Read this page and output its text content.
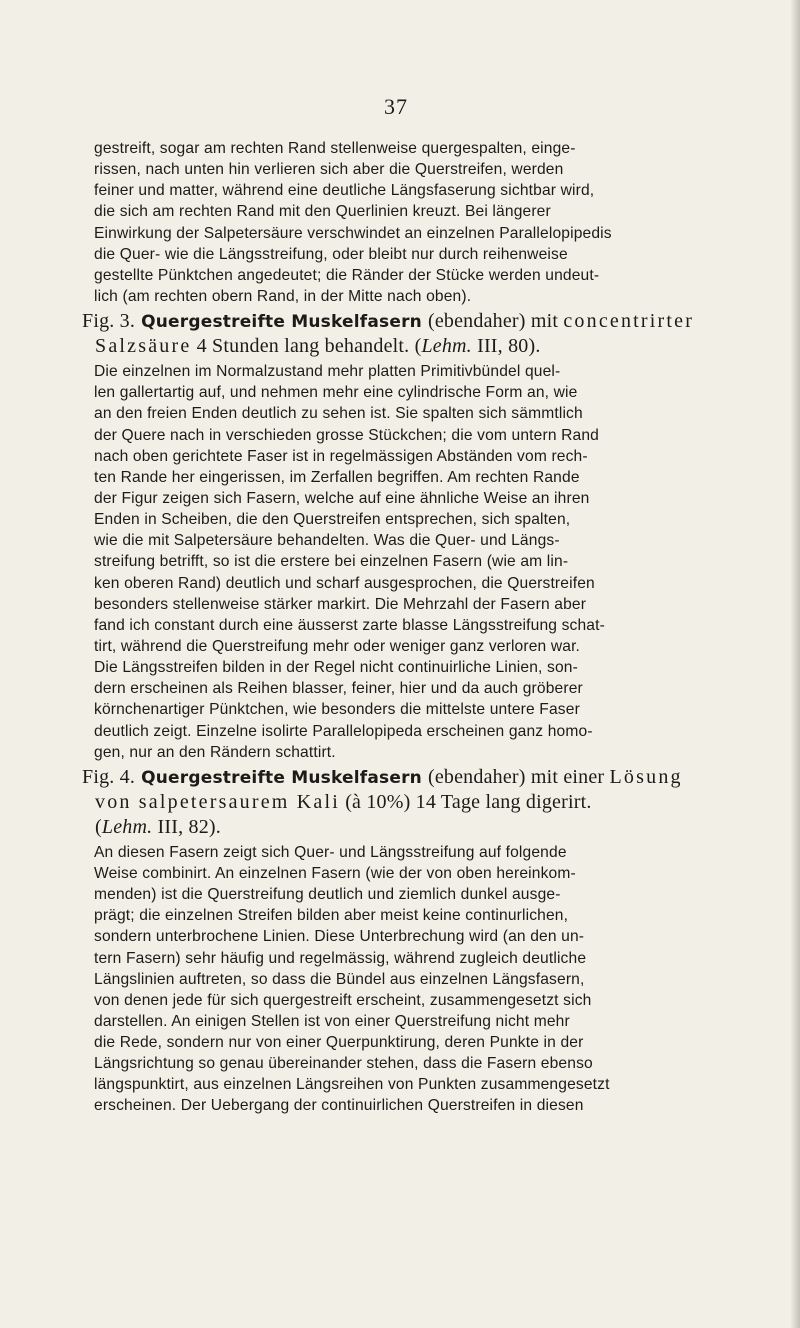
37
gestreift, sogar am rechten Rand stellenweise quergespalten, einge-
rissen, nach unten hin verlieren sich aber die Querstreifen, werden
feiner und matter, während eine deutliche Längsfaserung sichtbar wird,
die sich am rechten Rand mit den Querlinien kreuzt. Bei längerer
Einwirkung der Salpetersäure verschwindet an einzelnen Parallelopipedis
die Quer- wie die Längsstreifung, oder bleibt nur durch reihenweise
gestellte Pünktchen angedeutet; die Ränder der Stücke werden undeut-
lich (am rechten obern Rand, in der Mitte nach oben).
Fig. 3. Quergestreifte Muskelfasern (ebendaher) mit concentrirter
Salzsäure 4 Stunden lang behandelt. (Lehm. III, 80).
Die einzelnen im Normalzustand mehr platten Primitivbündel quel-
len gallertartig auf, und nehmen mehr eine cylindrische Form an, wie
an den freien Enden deutlich zu sehen ist. Sie spalten sich sämmtlich
der Quere nach in verschieden grosse Stückchen; die vom untern Rand
nach oben gerichtete Faser ist in regelmässigen Abständen vom rech-
ten Rande her eingerissen, im Zerfallen begriffen. Am rechten Rande
der Figur zeigen sich Fasern, welche auf eine ähnliche Weise an ihren
Enden in Scheiben, die den Querstreifen entsprechen, sich spalten,
wie die mit Salpetersäure behandelten. Was die Quer- und Längs-
streifung betrifft, so ist die erstere bei einzelnen Fasern (wie am lin-
ken oberen Rand) deutlich und scharf ausgesprochen, die Querstreifen
besonders stellenweise stärker markirt. Die Mehrzahl der Fasern aber
fand ich constant durch eine äusserst zarte blasse Längsstreifung schat-
tirt, während die Querstreifung mehr oder weniger ganz verloren war.
Die Längsstreifen bilden in der Regel nicht continuirliche Linien, son-
dern erscheinen als Reihen blasser, feiner, hier und da auch gröberer
körnchenartiger Pünktchen, wie besonders die mittelste untere Faser
deutlich zeigt. Einzelne isolirte Parallelopipeda erscheinen ganz homo-
gen, nur an den Rändern schattirt.
Fig. 4. Quergestreifte Muskelfasern (ebendaher) mit einer Lösung
von salpetersaurem Kali (à 10%) 14 Tage lang digerirt.
(Lehm. III, 82).
An diesen Fasern zeigt sich Quer- und Längsstreifung auf folgende
Weise combinirt. An einzelnen Fasern (wie der von oben hereinkom-
menden) ist die Querstreifung deutlich und ziemlich dunkel ausge-
prägt; die einzelnen Streifen bilden aber meist keine continurlichen,
sondern unterbrochene Linien. Diese Unterbrechung wird (an den un-
tern Fasern) sehr häufig und regelmässig, während zugleich deutliche
Längslinien auftreten, so dass die Bündel aus einzelnen Längsfasern,
von denen jede für sich quergestreift erscheint, zusammengesetzt sich
darstellen. An einigen Stellen ist von einer Querstreifung nicht mehr
die Rede, sondern nur von einer Querpunktirung, deren Punkte in der
Längsrichtung so genau übereinander stehen, dass die Fasern ebenso
längspunktirt, aus einzelnen Längsreihen von Punkten zusammengesetzt
erscheinen. Der Uebergang der continuirlichen Querstreifen in diesen
